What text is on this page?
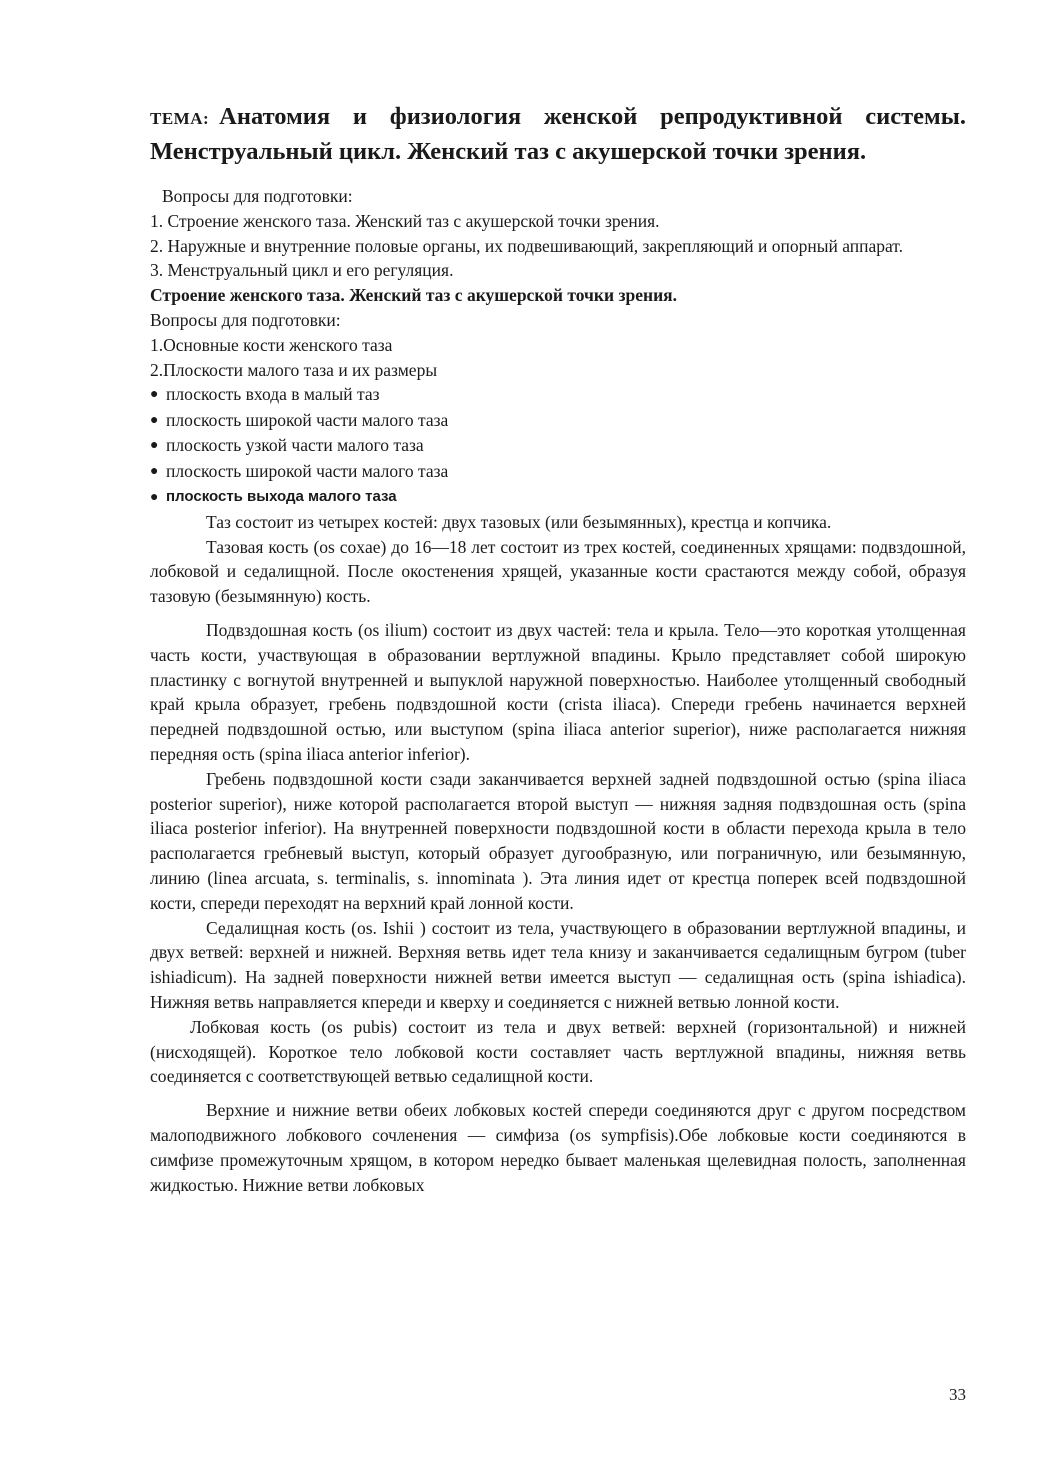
ТЕМА: Анатомия и физиология женской репродуктивной системы. Менструальный цикл. Женский таз с акушерской точки зрения.

Вопросы для подготовки:

1. Строение женского таза. Женский таз с акушерской точки зрения.

2. Наружные и внутренние половые органы, их подвешивающий, закрепляющий и опорный аппарат.

3. Менструальный цикл и его регуляция.

Строение женского таза. Женский таз с акушерской точки зрения.

Вопросы для подготовки:

1.Основные кости женского таза

2.Плоскости малого таза и их размеры

● плоскость входа в малый таз
● плоскость широкой части малого таза
● плоскость узкой части малого таза
● плоскость широкой части малого таза
● плоскость выхода малого таза

Таз состоит из четырех костей: двух тазовых (или безымянных), крестца и копчика.

Тазовая кость (os coxae) до 16—18 лет состоит из трех костей, соединенных хрящами: подвздошной, лобковой и седалищной. После окостенения хрящей, указанные кости срастаются между собой, образуя тазовую (безымянную) кость.

Подвздошная кость (os ilium) состоит из двух частей: тела и крыла. Тело—это короткая утолщенная часть кости, участвующая в образовании вертлужной впадины. Крыло представляет собой широкую пластинку с вогнутой внутренней и выпуклой наружной поверхностью. Наиболее утолщенный свободный край крыла образует, гребень подвздошной кости (crista iliaca). Спереди гребень начинается верхней передней подвздошной остью, или выступом (spina iliaca anterior superior), ниже располагается нижняя передняя ость (spina iliaca anterior inferior).

Гребень подвздошной кости сзади заканчивается верхней задней подвздошной остью (spina iliaca posterior superior), ниже которой располагается второй выступ — нижняя задняя подвздошная ость (spina iliaca posterior inferior). На внутренней поверхности подвздошной кости в области перехода крыла в тело располагается гребневый выступ, который образует дугообразную, или пограничную, или безымянную, линию (linea arcuata, s. terminalis, s. innominata ). Эта линия идет от крестца поперек всей подвздошной кости, спереди переходят на верхний край лонной кости.

Седалищная кость (os. Ishii ) состоит из тела, участвующего в образовании вертлужной впадины, и двух ветвей: верхней и нижней. Верхняя ветвь идет тела книзу и заканчивается седалищным бугром (tuber ishiadicum). На задней поверхности нижней ветви имеется выступ — седалищная ость (spina ishiadica). Нижняя ветвь направляется кпереди и кверху и соединяется с нижней ветвью лонной кости.

Лобковая кость (os pubis) состоит из тела и двух ветвей: верхней (горизонтальной) и нижней (нисходящей). Короткое тело лобковой кости составляет часть вертлужной впадины, нижняя ветвь соединяется с соответствующей ветвью седалищной кости.

Верхние и нижние ветви обеих лобковых костей спереди соединяются друг с другом посредством малоподвижного лобкового сочленения — симфиза (os sympfisis).Обе лобковые кости соединяются в симфизе промежуточным хрящом, в котором нередко бывает маленькая щелевидная полость, заполненная жидкостью. Нижние ветви лобковых

33
